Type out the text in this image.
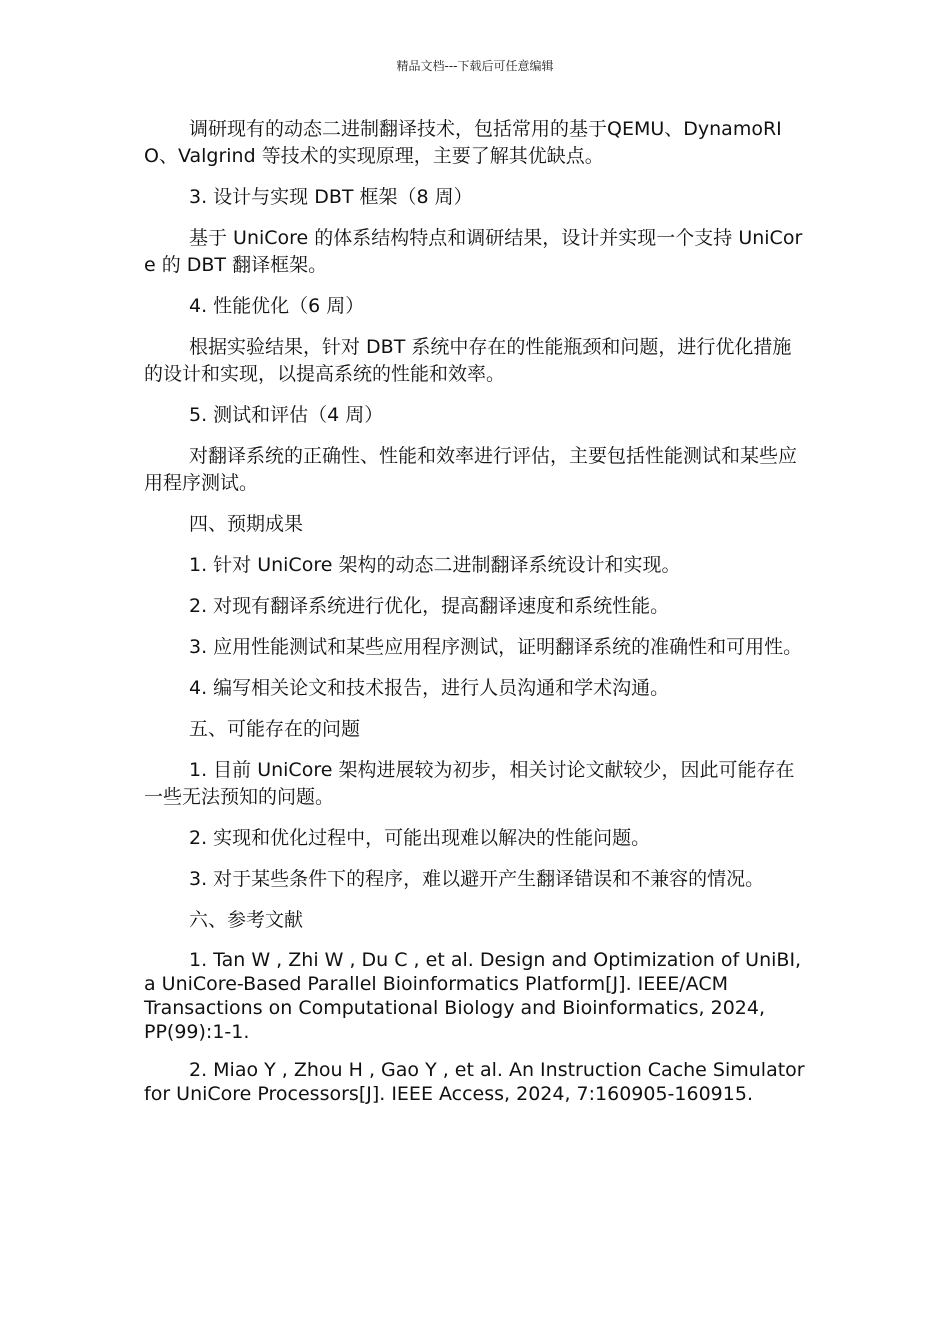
精品文档---下载后可任意编辑

调研现有的动态二进制翻译技术，包括常用的基于QEMU、DynamoRIO、Valgrind 等技术的实现原理，主要了解其优缺点。

3. 设计与实现 DBT 框架（8 周）

基于 UniCore 的体系结构特点和调研结果，设计并实现一个支持 UniCore 的 DBT 翻译框架。

4. 性能优化（6 周）

根据实验结果，针对 DBT 系统中存在的性能瓶颈和问题，进行优化措施的设计和实现，以提高系统的性能和效率。

5. 测试和评估（4 周）

对翻译系统的正确性、性能和效率进行评估，主要包括性能测试和某些应用程序测试。

四、预期成果

1. 针对 UniCore 架构的动态二进制翻译系统设计和实现。

2. 对现有翻译系统进行优化，提高翻译速度和系统性能。

3. 应用性能测试和某些应用程序测试，证明翻译系统的准确性和可用性。

4. 编写相关论文和技术报告，进行人员沟通和学术沟通。

五、可能存在的问题

1. 目前 UniCore 架构进展较为初步，相关讨论文献较少，因此可能存在一些无法预知的问题。

2. 实现和优化过程中，可能出现难以解决的性能问题。

3. 对于某些条件下的程序，难以避开产生翻译错误和不兼容的情况。

六、参考文献

1. Tan W , Zhi W , Du C , et al. Design and Optimization of UniBI, a UniCore-Based Parallel Bioinformatics Platform[J]. IEEE/ACM Transactions on Computational Biology and Bioinformatics, 2024, PP(99):1-1.

2. Miao Y , Zhou H , Gao Y , et al. An Instruction Cache Simulator for UniCore Processors[J]. IEEE Access, 2024, 7:160905-160915.
